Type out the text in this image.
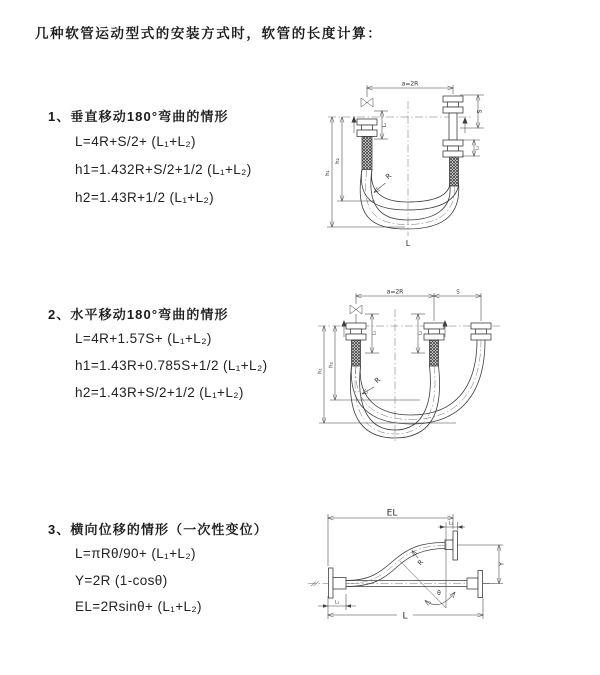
几种软管运动型式的安装方式时，软管的长度计算：
1、垂直移动180°弯曲的情形
L=4R+S/2+ (L₁+L₂)
h1=1.432R+S/2+1/2 (L₁+L₂)
h2=1.43R+1/2 (L₁+L₂)
2、水平移动180°弯曲的情形
L=4R+1.57S+ (L₁+L₂)
h1=1.43R+0.785S+1/2 (L₁+L₂)
h2=1.43R+S/2+1/2 (L₁+L₂)
3、横向位移的情形（一次性变位）
L=πRθ/90+ (L₁+L₂)
Y=2R (1-cosθ)
EL=2Rsinθ+ (L₁+L₂)
a=2R
L₁
S
L₂
h₁
h₂
R
L
a=2R	S
L₁	L₂
h₁
h₂
R
EL
L₂
θ
R	Y
L₁
L
